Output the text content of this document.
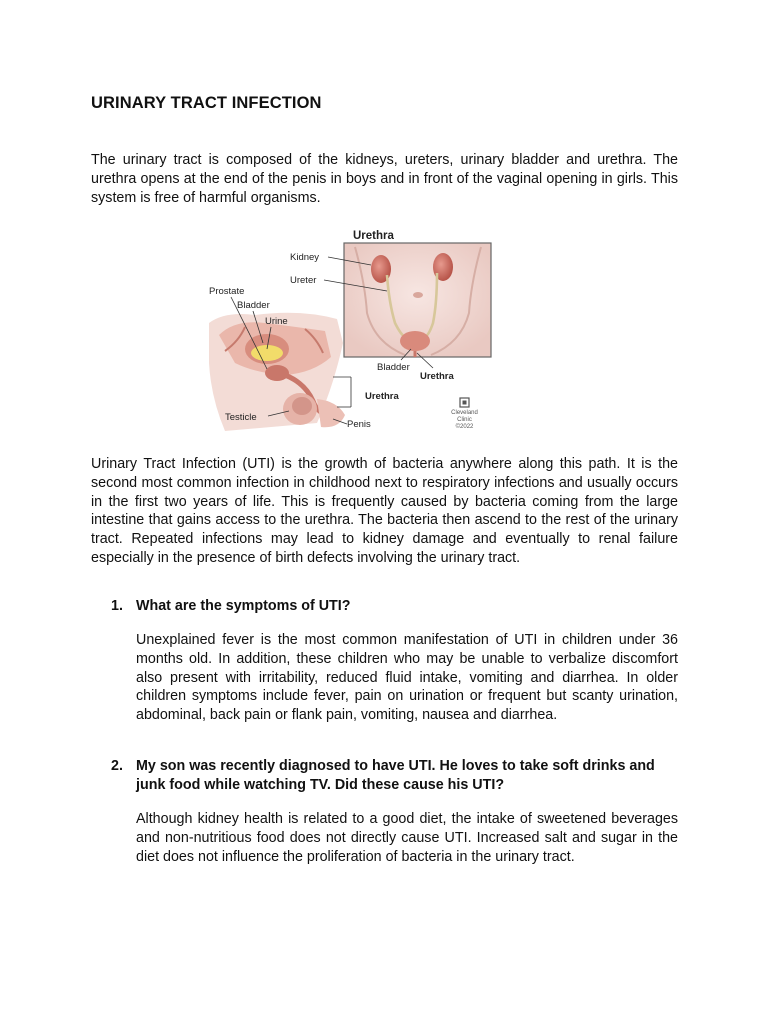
URINARY TRACT INFECTION

The urinary tract is composed of the kidneys, ureters, urinary bladder and urethra. The urethra opens at the end of the penis in boys and in front of the vaginal opening in girls. This system is free of harmful organisms.

Urethra
Kidney
Ureter
Prostate
Bladder
Urine
Bladder
Urethra
Urethra
Testicle
Penis
Cleveland
Clinic
©2022

Urinary Tract Infection (UTI) is the growth of bacteria anywhere along this path. It is the second most common infection in childhood next to respiratory infections and usually occurs in the first two years of life. This is frequently caused by bacteria coming from the large intestine that gains access to the urethra. The bacteria then ascend to the rest of the urinary tract. Repeated infections may lead to kidney damage and eventually to renal failure especially in the presence of birth defects involving the urinary tract.

1. What are the symptoms of UTI?

Unexplained fever is the most common manifestation of UTI in children under 36 months old. In addition, these children who may be unable to verbalize discomfort also present with irritability, reduced fluid intake, vomiting and diarrhea. In older children symptoms include fever, pain on urination or frequent but scanty urination, abdominal, back pain or flank pain, vomiting, nausea and diarrhea.

2. My son was recently diagnosed to have UTI. He loves to take soft drinks and junk food while watching TV. Did these cause his UTI?

Although kidney health is related to a good diet, the intake of sweetened beverages and non-nutritious food does not directly cause UTI. Increased salt and sugar in the diet does not influence the proliferation of bacteria in the urinary tract.
